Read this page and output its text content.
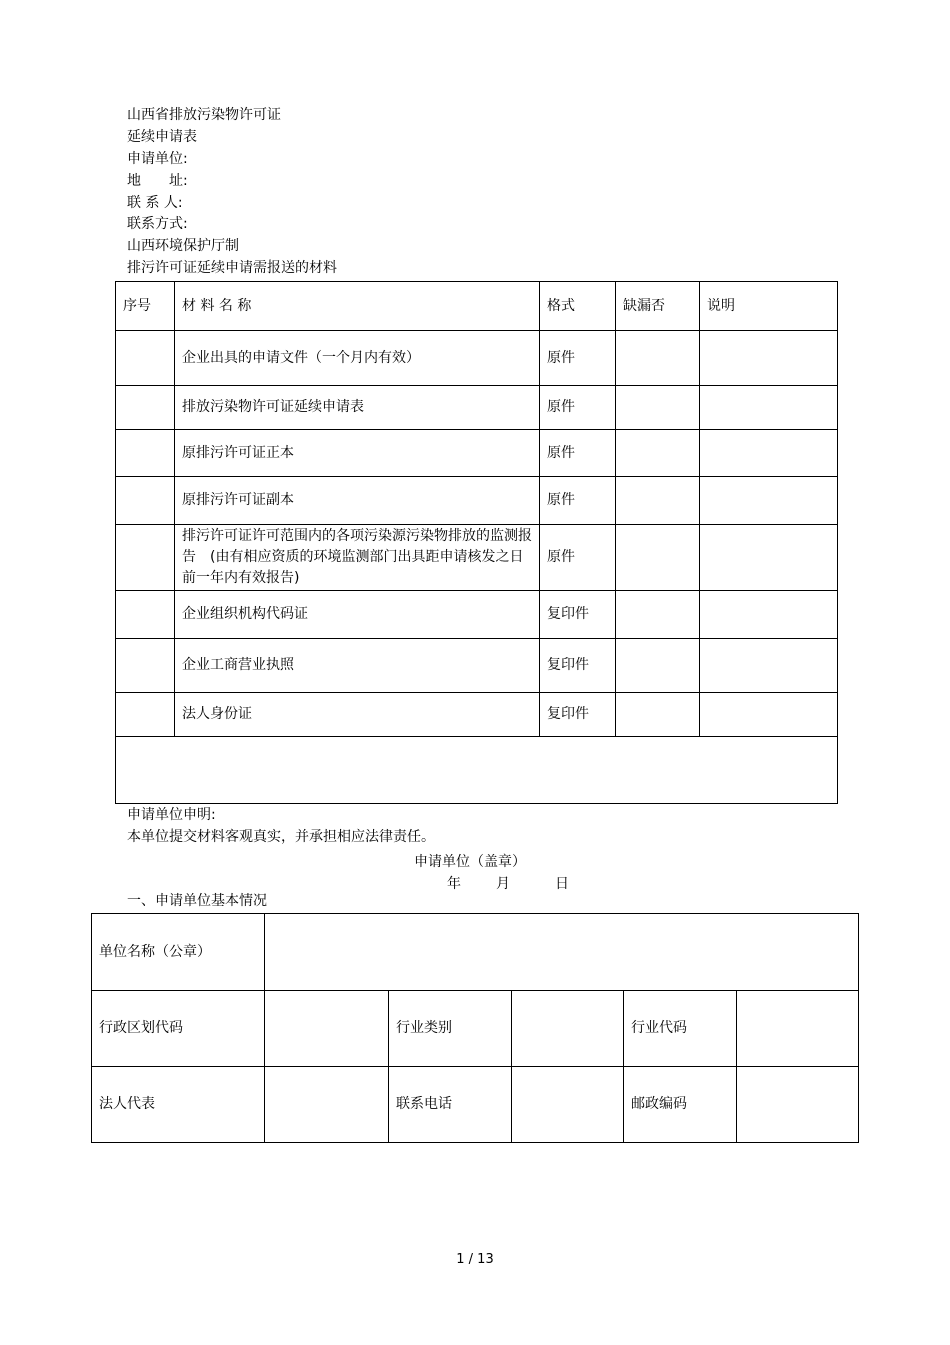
山西省排放污染物许可证
延续申请表
申请单位:
地　　址:
联 系 人:
联系方式:
山西环境保护厅制
排污许可证延续申请需报送的材料
序号	材 料 名 称	格式	缺漏否	说明
	企业出具的申请文件（一个月内有效）	原件		
	排放污染物许可证延续申请表	原件		
	原排污许可证正本	原件		
	原排污许可证副本	原件		
	排污许可证许可范围内的各项污染源污染物排放的监测报告　(由有相应资质的环境监测部门出具距申请核发之日前一年内有效报告)	原件		
	企业组织机构代码证	复印件		
	企业工商营业执照	复印件		
	法人身份证	复印件		

申请单位申明:
本单位提交材料客观真实，并承担相应法律责任。
申请单位（盖章）
年	月	日
一、申请单位基本情况
单位名称（公章）					
行政区划代码		行业类别		行业代码	
法人代表		联系电话		邮政编码	
1 / 13
